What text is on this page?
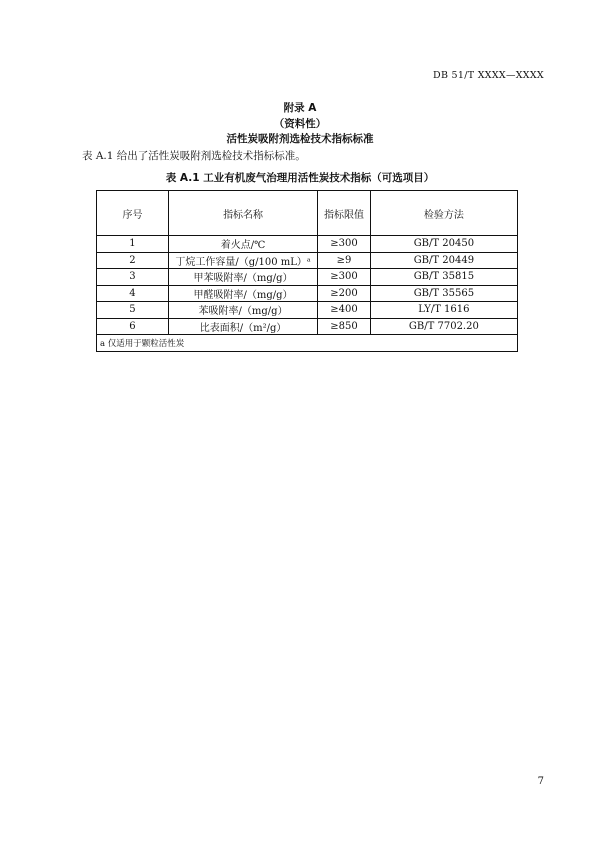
DB 51/T XXXX—XXXX
附录 A
（资料性）
活性炭吸附剂选检技术指标标准
表 A.1 给出了活性炭吸附剂选检技术指标标准。
表 A.1 工业有机废气治理用活性炭技术指标（可选项目）
序号	指标名称	指标限值	检验方法
1	着火点/℃	≥300	GB/T 20450
2	丁烷工作容量/（g/100 mL）ᵃ	≥9	GB/T 20449
3	甲苯吸附率/（mg/g）	≥300	GB/T 35815
4	甲醛吸附率/（mg/g）	≥200	GB/T 35565
5	苯吸附率/（mg/g）	≥400	LY/T 1616
6	比表面积/（m²/g）	≥850	GB/T 7702.20
a 仅适用于颗粒活性炭			
7
